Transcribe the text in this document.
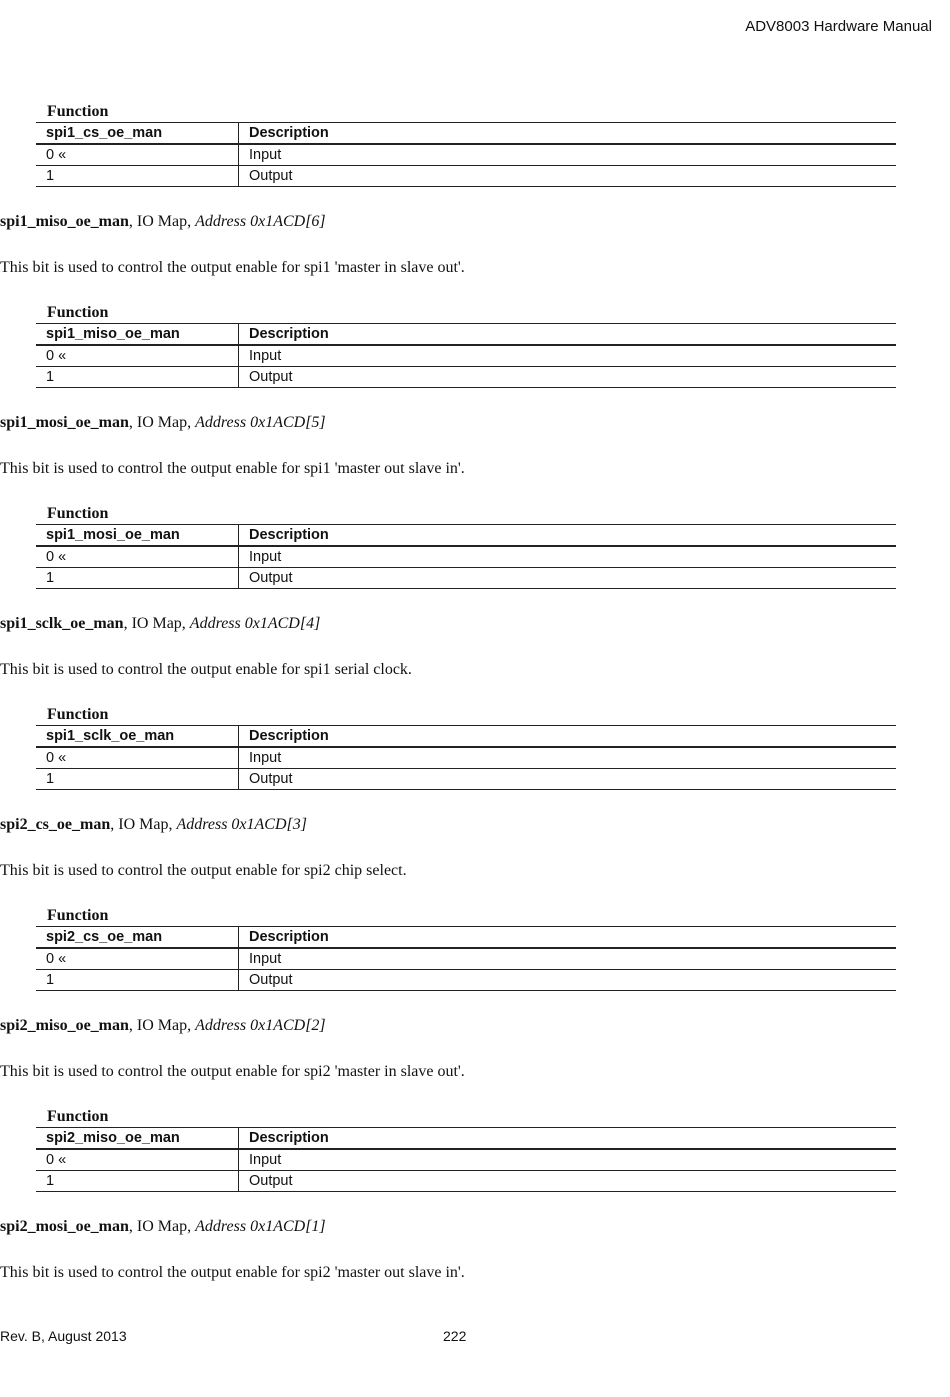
ADV8003 Hardware Manual
Function
spi1_cs_oe_man	Description
0 «	Input
1	Output
spi1_miso_oe_man, IO Map, Address 0x1ACD[6]
This bit is used to control the output enable for spi1 'master in slave out'.
Function
spi1_miso_oe_man	Description
0 «	Input
1	Output
spi1_mosi_oe_man, IO Map, Address 0x1ACD[5]
This bit is used to control the output enable for spi1 'master out slave in'.
Function
spi1_mosi_oe_man	Description
0 «	Input
1	Output
spi1_sclk_oe_man, IO Map, Address 0x1ACD[4]
This bit is used to control the output enable for spi1 serial clock.
Function
spi1_sclk_oe_man	Description
0 «	Input
1	Output
spi2_cs_oe_man, IO Map, Address 0x1ACD[3]
This bit is used to control the output enable for spi2 chip select.
Function
spi2_cs_oe_man	Description
0 «	Input
1	Output
spi2_miso_oe_man, IO Map, Address 0x1ACD[2]
This bit is used to control the output enable for spi2 'master in slave out'.
Function
spi2_miso_oe_man	Description
0 «	Input
1	Output
spi2_mosi_oe_man, IO Map, Address 0x1ACD[1]
This bit is used to control the output enable for spi2 'master out slave in'.
Rev. B, August 2013	222
